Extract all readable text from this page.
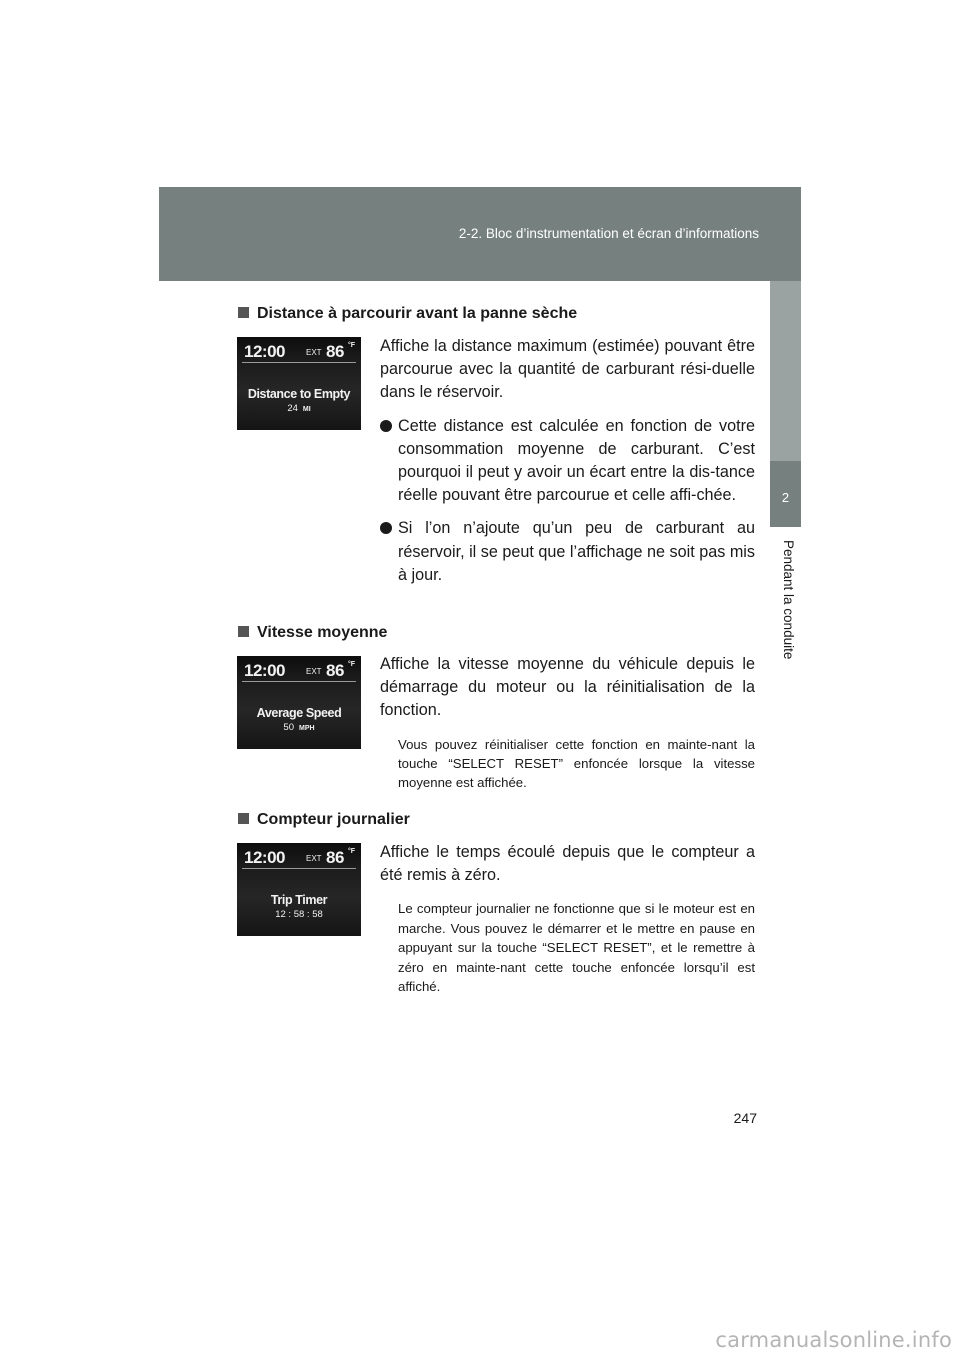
2-2. Bloc d’instrumentation et écran d’informations
2
Pendant la conduite
Distance à parcourir avant la panne sèche
12:00	EXT 86 °F
Distance to Empty
24 MI

Affiche la distance maximum (estimée) pouvant être parcourue avec la quantité de carburant rési-duelle dans le réservoir.

Cette distance est calculée en fonction de votre consommation moyenne de carburant. C’est pourquoi il peut y avoir un écart entre la dis-tance réelle pouvant être parcourue et celle affi-chée.

Si l’on n’ajoute qu’un peu de carburant au réservoir, il se peut que l’affichage ne soit pas mis à jour.

Vitesse moyenne
12:00	EXT 86 °F
Average Speed
50 MPH

Affiche la vitesse moyenne du véhicule depuis le démarrage du moteur ou la réinitialisation de la fonction.

Vous pouvez réinitialiser cette fonction en mainte-nant la touche “SELECT RESET” enfoncée lorsque la vitesse moyenne est affichée.

Compteur journalier
12:00	EXT 86 °F
Trip Timer
12 : 58 : 58

Affiche le temps écoulé depuis que le compteur a été remis à zéro.

Le compteur journalier ne fonctionne que si le moteur est en marche. Vous pouvez le démarrer et le mettre en pause en appuyant sur la touche “SELECT RESET”, et le remettre à zéro en mainte-nant cette touche enfoncée lorsqu’il est affiché.

247
carmanualsonline.info
